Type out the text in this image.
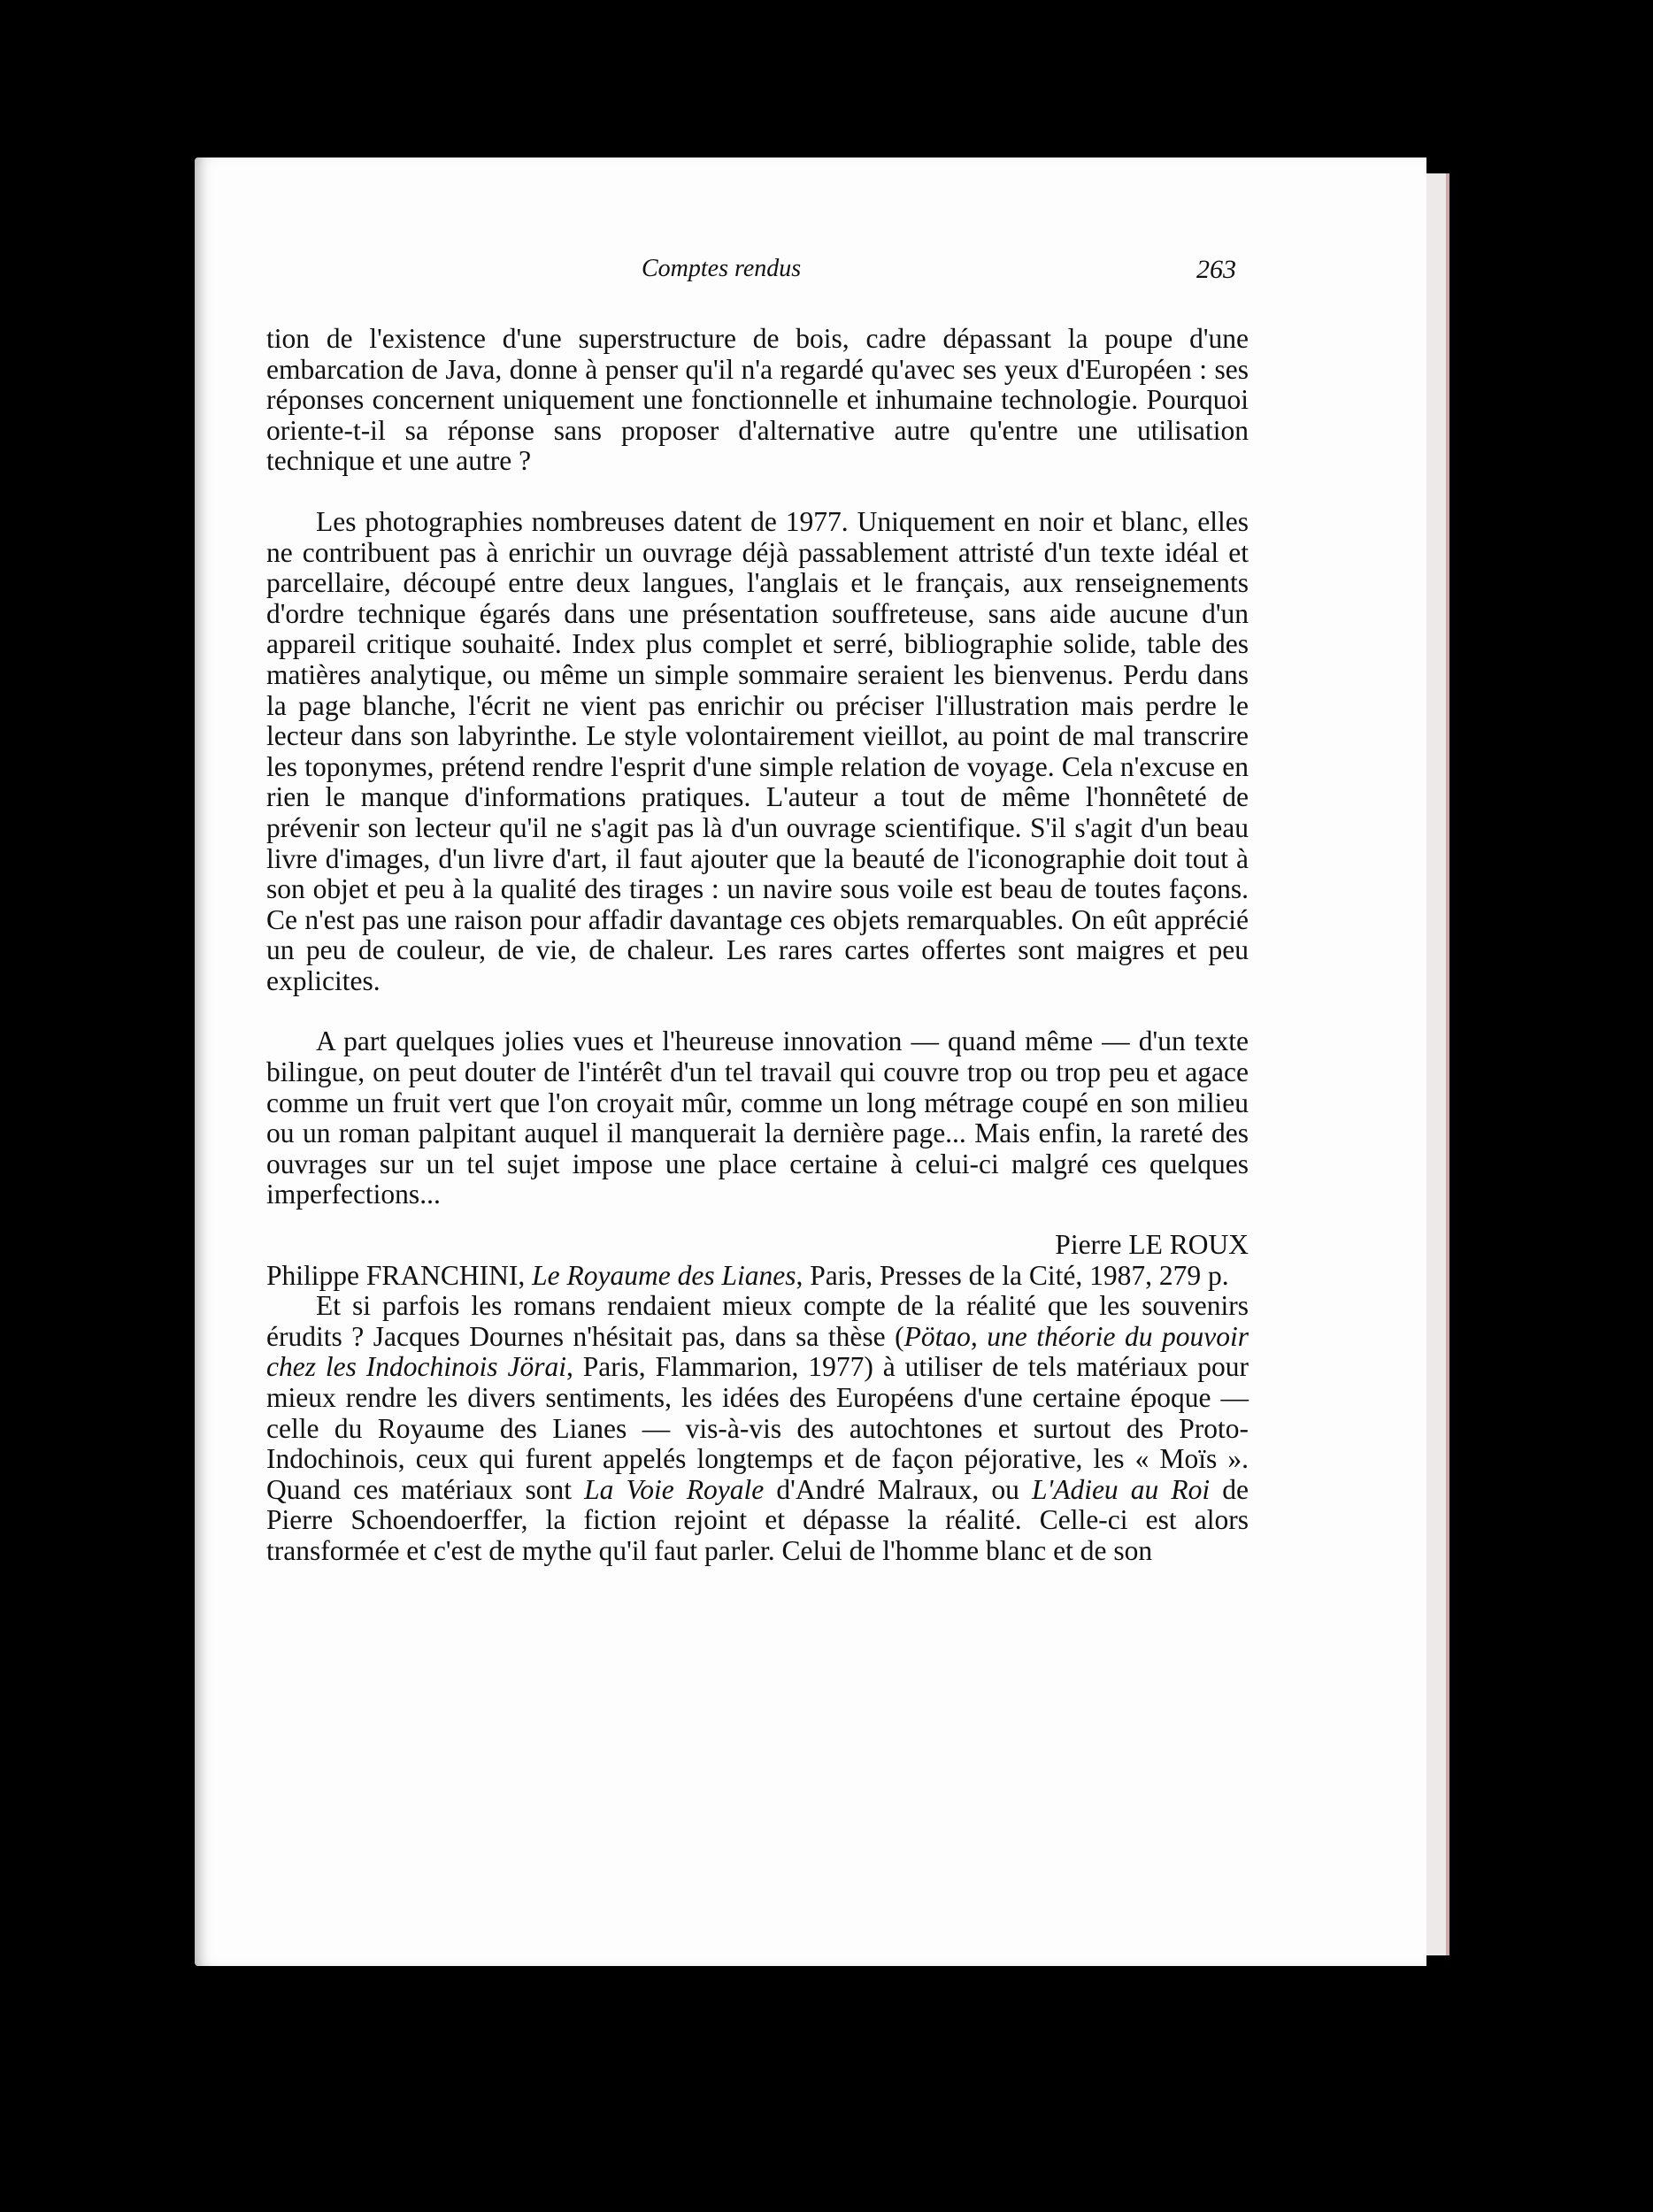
Comptes rendus	263

tion de l'existence d'une superstructure de bois, cadre dépassant la poupe d'une embarcation de Java, donne à penser qu'il n'a regardé qu'avec ses yeux d'Européen : ses réponses concernent uniquement une fonctionnelle et inhumaine technologie. Pourquoi oriente-t-il sa réponse sans proposer d'alternative autre qu'entre une utilisation technique et une autre ?

Les photographies nombreuses datent de 1977. Uniquement en noir et blanc, elles ne contribuent pas à enrichir un ouvrage déjà passablement attristé d'un texte idéal et parcellaire, découpé entre deux langues, l'anglais et le français, aux renseignements d'ordre technique égarés dans une présentation souffreteuse, sans aide aucune d'un appareil critique souhaité. Index plus complet et serré, bibliographie solide, table des matières analytique, ou même un simple sommaire seraient les bienvenus. Perdu dans la page blanche, l'écrit ne vient pas enrichir ou préciser l'illustration mais perdre le lecteur dans son labyrinthe. Le style volontairement vieillot, au point de mal transcrire les toponymes, prétend rendre l'esprit d'une simple relation de voyage. Cela n'excuse en rien le manque d'informations pratiques. L'auteur a tout de même l'honnêteté de prévenir son lecteur qu'il ne s'agit pas là d'un ouvrage scientifique. S'il s'agit d'un beau livre d'images, d'un livre d'art, il faut ajouter que la beauté de l'iconographie doit tout à son objet et peu à la qualité des tirages : un navire sous voile est beau de toutes façons. Ce n'est pas une raison pour affadir davantage ces objets remarquables. On eût apprécié un peu de couleur, de vie, de chaleur. Les rares cartes offertes sont maigres et peu explicites.

A part quelques jolies vues et l'heureuse innovation — quand même — d'un texte bilingue, on peut douter de l'intérêt d'un tel travail qui couvre trop ou trop peu et agace comme un fruit vert que l'on croyait mûr, comme un long métrage coupé en son milieu ou un roman palpitant auquel il manquerait la dernière page... Mais enfin, la rareté des ouvrages sur un tel sujet impose une place certaine à celui-ci malgré ces quelques imperfections...

Pierre LE ROUX

Philippe FRANCHINI, Le Royaume des Lianes, Paris, Presses de la Cité, 1987, 279 p.

Et si parfois les romans rendaient mieux compte de la réalité que les souvenirs érudits ? Jacques Dournes n'hésitait pas, dans sa thèse (Pötao, une théorie du pouvoir chez les Indochinois Jörai, Paris, Flammarion, 1977) à utiliser de tels matériaux pour mieux rendre les divers sentiments, les idées des Européens d'une certaine époque — celle du Royaume des Lianes — vis-à-vis des autochtones et surtout des Proto-Indochinois, ceux qui furent appelés longtemps et de façon péjorative, les « Moïs ». Quand ces matériaux sont La Voie Royale d'André Malraux, ou L'Adieu au Roi de Pierre Schoendoerffer, la fiction rejoint et dépasse la réalité. Celle-ci est alors transformée et c'est de mythe qu'il faut parler. Celui de l'homme blanc et de son
